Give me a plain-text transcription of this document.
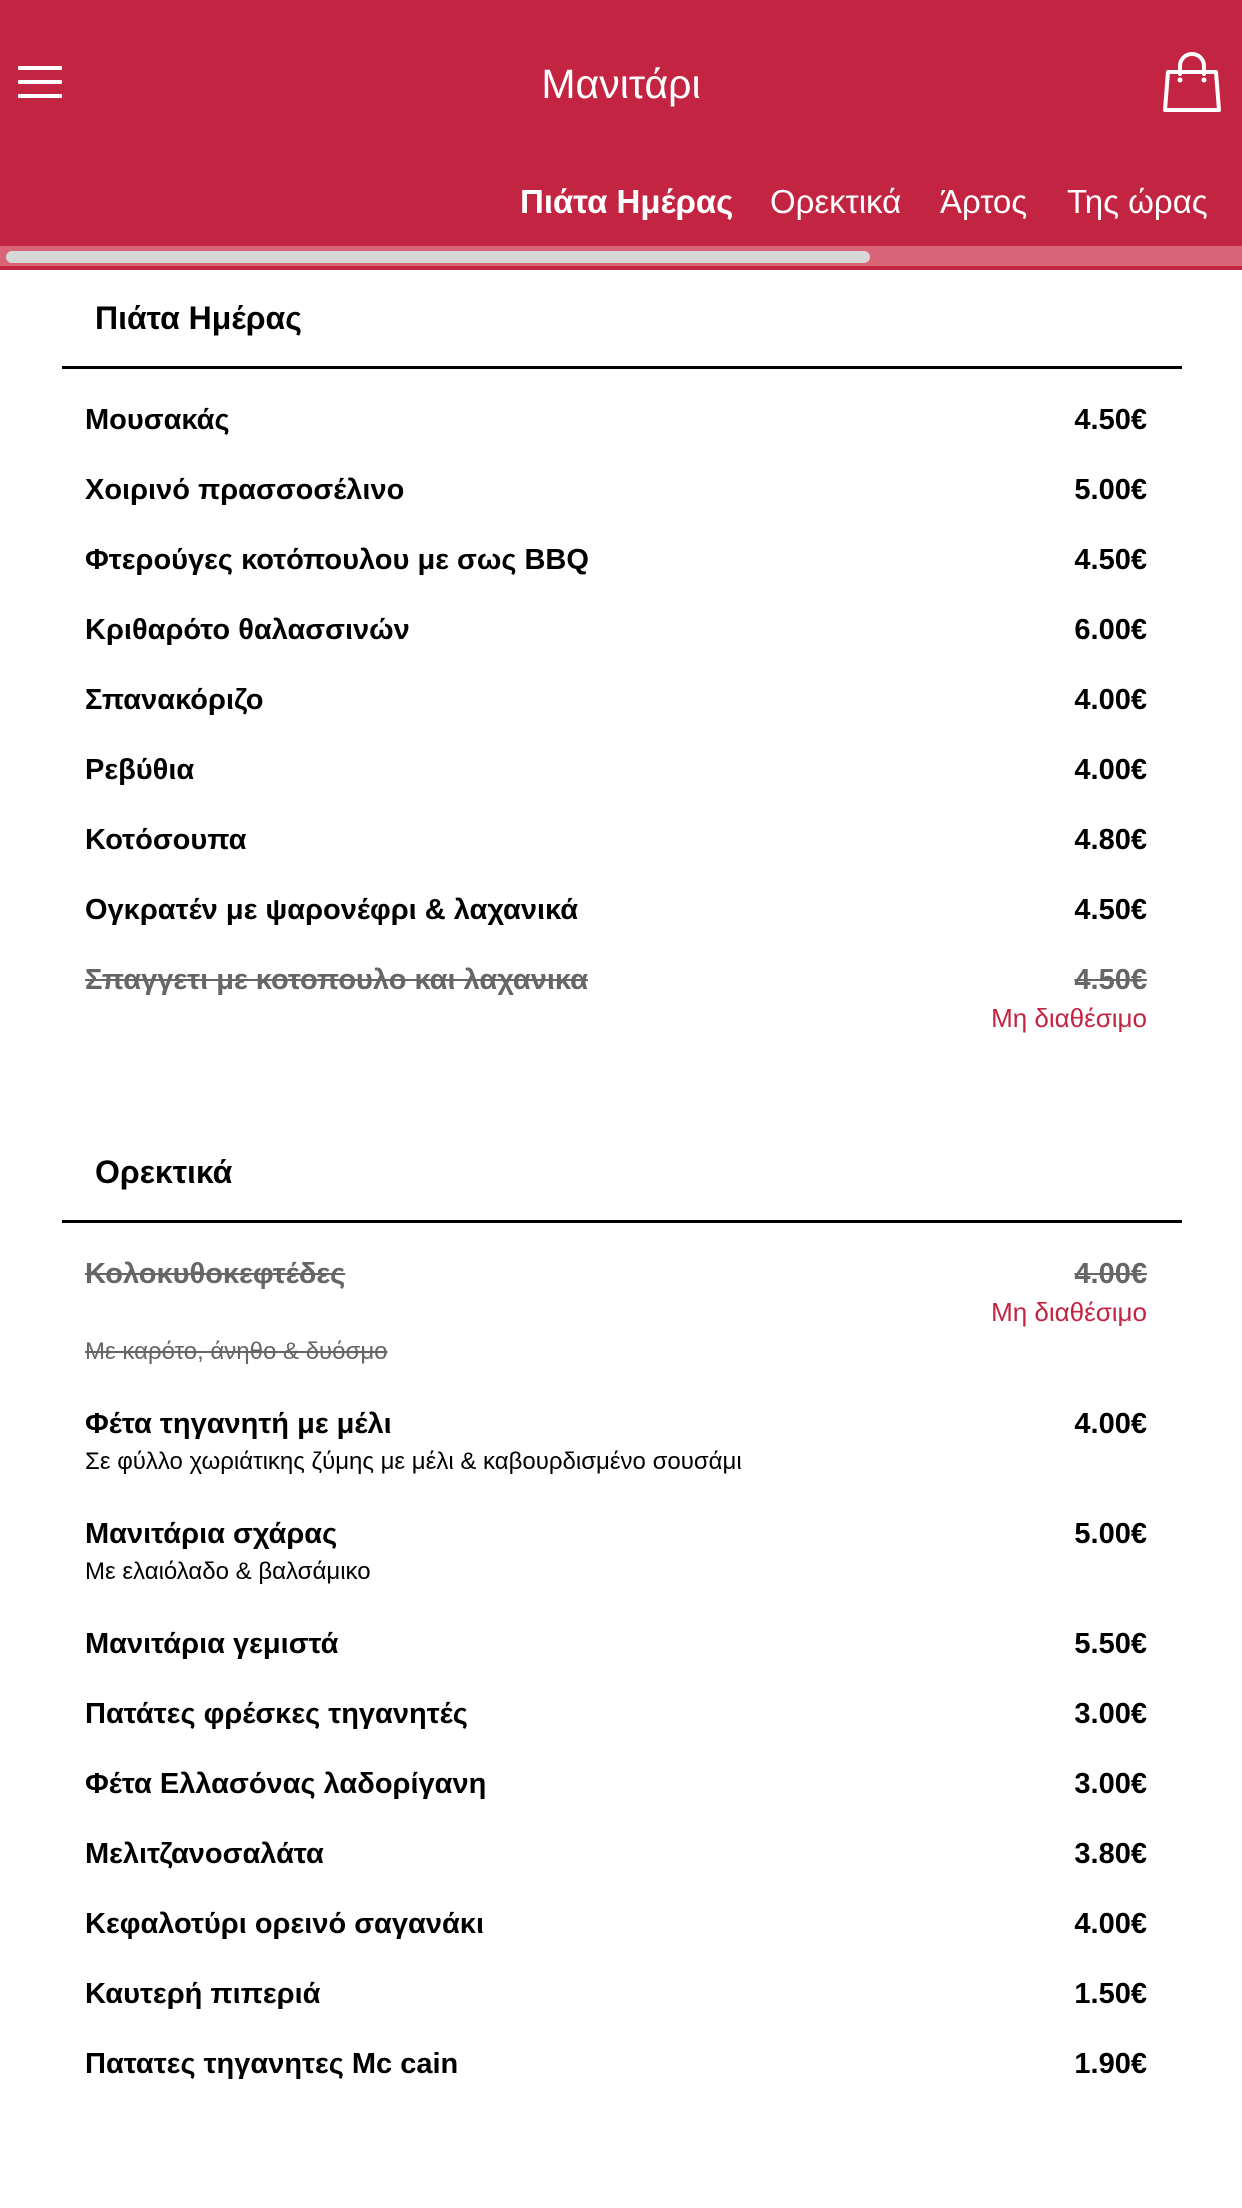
Μανιτάρι
Πιάτα Ημέρας Ορεκτικά Άρτος Της ώρας
Πιάτα Ημέρας
Μουσακάς	4.50€
Χοιρινό πρασσοσέλινο	5.00€
Φτερούγες κοτόπουλου με σως BBQ	4.50€
Κριθαρότο θαλασσινών	6.00€
Σπανακόριζο	4.00€
Ρεβύθια	4.00€
Κοτόσουπα	4.80€
Ογκρατέν με ψαρονέφρι & λαχανικά	4.50€
Σπαγγετι με κοτοπουλο και λαχανικα	4.50€
Μη διαθέσιμο
Ορεκτικά
Κολοκυθοκεφτέδες	4.00€
Μη διαθέσιμο
Με καρότο, άνηθο & δυόσμο
Φέτα τηγανητή με μέλι	4.00€
Σε φύλλο χωριάτικης ζύμης με μέλι & καβουρδισμένο σουσάμι
Μανιτάρια σχάρας	5.00€
Με ελαιόλαδο & βαλσάμικο
Μανιτάρια γεμιστά	5.50€
Πατάτες φρέσκες τηγανητές	3.00€
Φέτα Ελλασόνας λαδορίγανη	3.00€
Μελιτζανοσαλάτα	3.80€
Κεφαλοτύρι ορεινό σαγανάκι	4.00€
Καυτερή πιπεριά	1.50€
Πατατες τηγανητες Mc cain	1.90€
